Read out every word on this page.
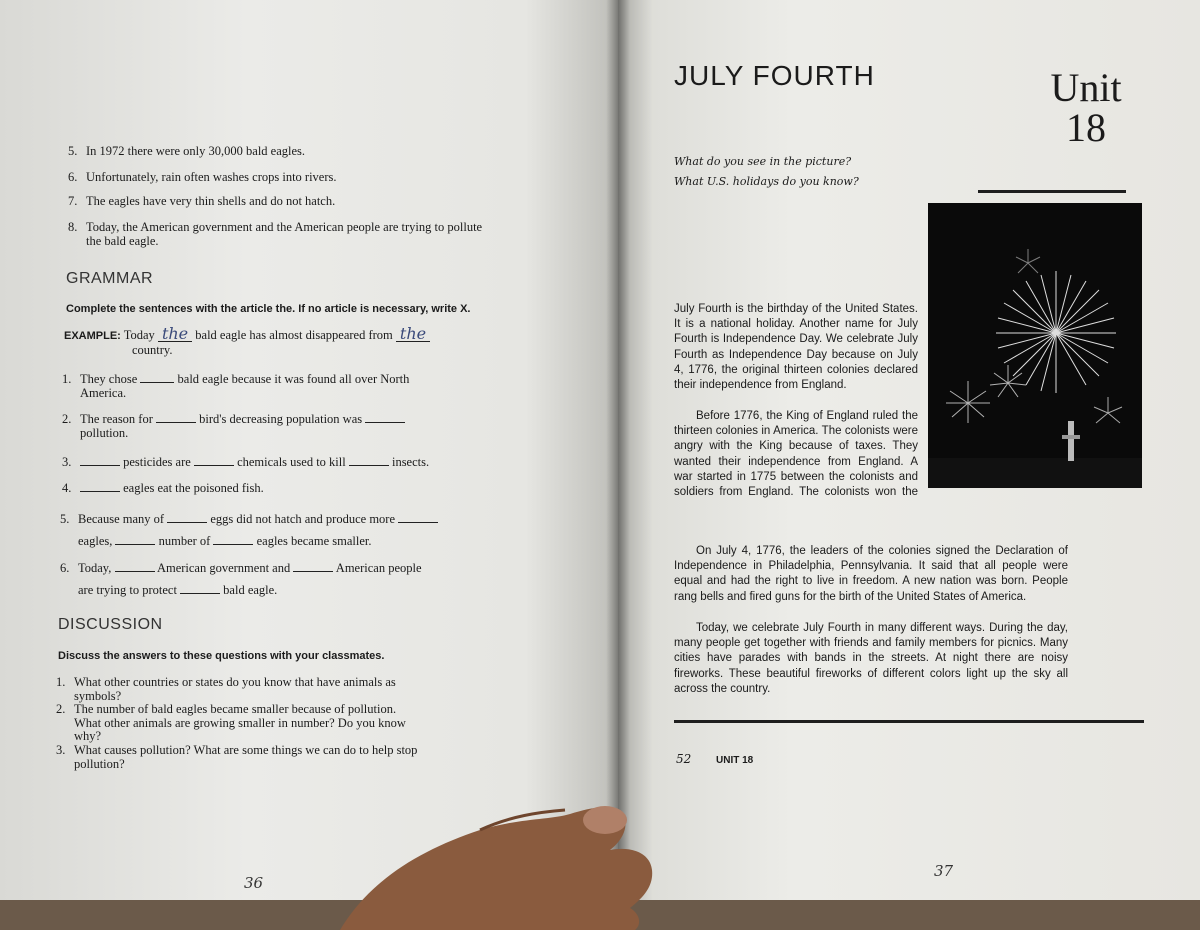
5. In 1972 there were only 30,000 bald eagles.
6. Unfortunately, rain often washes crops into rivers.
7. The eagles have very thin shells and do not hatch.
8. Today, the American government and the American people are trying to pollute
the bald eagle.
GRAMMAR
Complete the sentences with the article the. If no article is necessary, write X.
EXAMPLE: Today the bald eagle has almost disappeared from the
country.
1. They chose	bald eagle because it was found all over North
America.
2. The reason for	bird's decreasing population was
pollution.
3.	pesticides are	chemicals used to kill	insects.
4.	eagles eat the poisoned fish.
5. Because many of	eggs did not hatch and produce more
eagles,	number of	eagles became smaller.
6. Today,	American government and	American people
are trying to protect	bald eagle.
DISCUSSION
Discuss the answers to these questions with your classmates.
1. What other countries or states do you know that have animals as
symbols?
2. The number of bald eagles became smaller because of pollution.
What other animals are growing smaller in number? Do you know
why?
3. What causes pollution? What are some things we can do to help stop
pollution?
36
JULY FOURTH	Unit
18
What do you see in the picture?
What U.S. holidays do you know?

July Fourth is the birthday of the United States. It is a national holiday. Another name for July Fourth is Independence Day. We celebrate July Fourth as Independence Day because on July 4, 1776, the original thirteen colonies declared their independence from England.

Before 1776, the King of England ruled the thirteen colonies in America. The colonists were angry with the King because of taxes. They wanted their independence from England. A war started in 1775 between the colonists and soldiers from England. The colonists won the

On July 4, 1776, the leaders of the colonies signed the Declaration of Independence in Philadelphia, Pennsylvania. It said that all people were equal and had the right to live in freedom. A new nation was born. People rang bells and fired guns for the birth of the United States of America.

Today, we celebrate July Fourth in many different ways. During the day, many people get together with friends and family members for picnics. Many cities have parades with bands in the streets. At night there are noisy fireworks. These beautiful fireworks of different colors light up the sky all across the country.

52 UNIT 18
37
